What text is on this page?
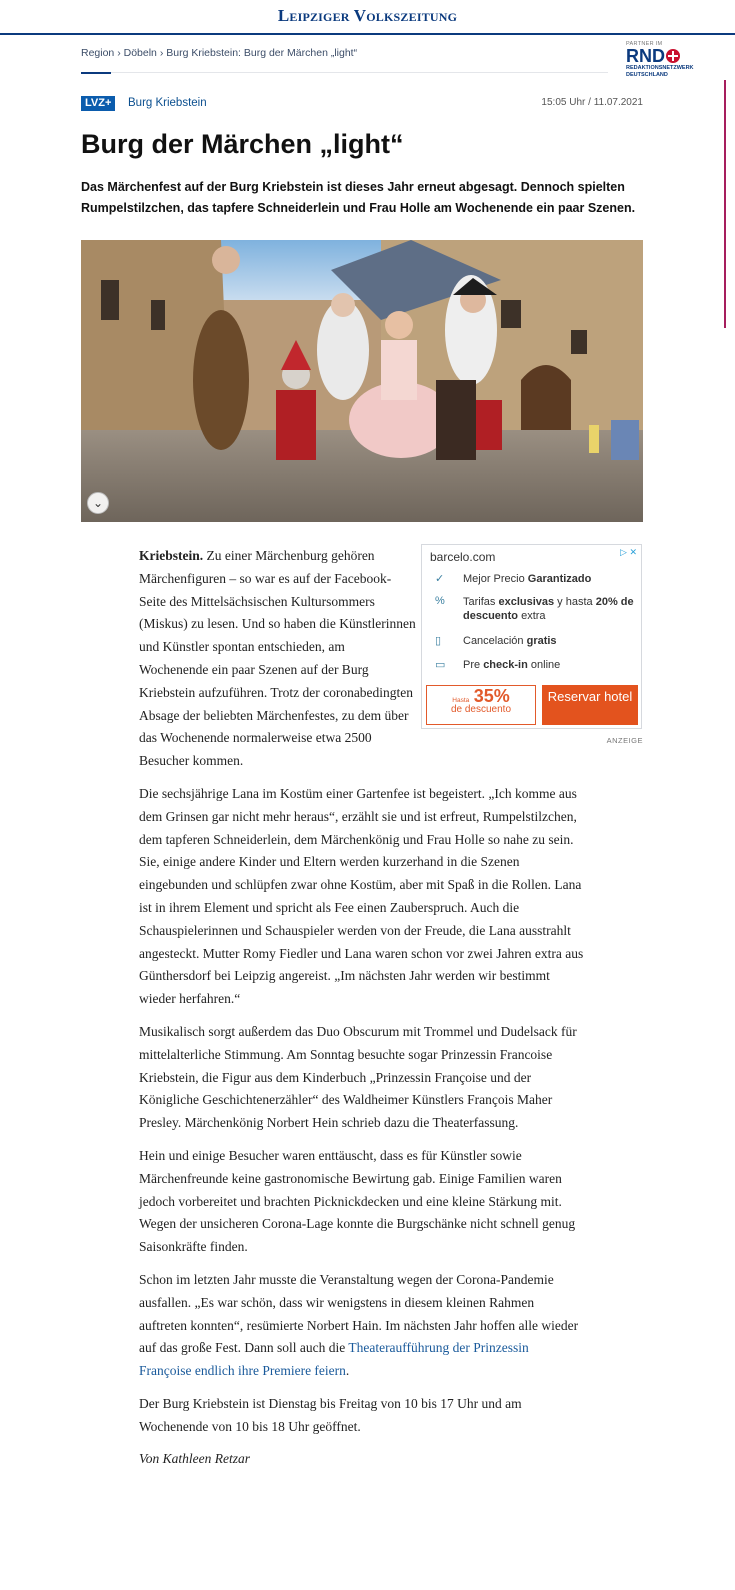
Leipziger Volkszeitung
Region › Döbeln › Burg Kriebstein: Burg der Märchen „light“
PARTNER IM
RND
REDAKTIONSNETZWERK
DEUTSCHLAND
LVZ+	Burg Kriebstein	15:05 Uhr / 11.07.2021
Burg der Märchen „light“
Das Märchenfest auf der Burg Kriebstein ist dieses Jahr erneut abgesagt. Dennoch spielten Rumpelstilzchen, das tapfere Schneiderlein und Frau Holle am Wochenende ein paar Szenen.
⌄
barcelo.com	▷ ✕
✓ Mejor Precio Garantizado
% Tarifas exclusivas y hasta 20% de descuento extra
▯ Cancelación gratis
▭ Pre check-in online
Hasta 35%
de descuento
Reservar hotel
ANZEIGE

Kriebstein. Zu einer Märchenburg gehören Märchenfiguren – so war es auf der Facebook-Seite des Mittelsächsischen Kultursommers (Miskus) zu lesen. Und so haben die Künstlerinnen und Künstler spontan entschieden, am Wochenende ein paar Szenen auf der Burg Kriebstein aufzuführen. Trotz der coronabedingten Absage der beliebten Märchenfestes, zu dem über das Wochenende normalerweise etwa 2500 Besucher kommen.

Die sechsjährige Lana im Kostüm einer Gartenfee ist begeistert. „Ich komme aus dem Grinsen gar nicht mehr heraus“, erzählt sie und ist erfreut, Rumpelstilzchen, dem tapferen Schneiderlein, dem Märchenkönig und Frau Holle so nahe zu sein. Sie, einige andere Kinder und Eltern werden kurzerhand in die Szenen eingebunden und schlüpfen zwar ohne Kostüm, aber mit Spaß in die Rollen. Lana ist in ihrem Element und spricht als Fee einen Zauberspruch. Auch die Schauspielerinnen und Schauspieler werden von der Freude, die Lana ausstrahlt angesteckt. Mutter Romy Fiedler und Lana waren schon vor zwei Jahren extra aus Günthersdorf bei Leipzig angereist. „Im nächsten Jahr werden wir bestimmt wieder herfahren.“

Musikalisch sorgt außerdem das Duo Obscurum mit Trommel und Dudelsack für mittelalterliche Stimmung. Am Sonntag besuchte sogar Prinzessin Francoise Kriebstein, die Figur aus dem Kinderbuch „Prinzessin Françoise und der Königliche Geschichtenerzähler“ des Waldheimer Künstlers François Maher Presley. Märchenkönig Norbert Hein schrieb dazu die Theaterfassung.

Hein und einige Besucher waren enttäuscht, dass es für Künstler sowie Märchenfreunde keine gastronomische Bewirtung gab. Einige Familien waren jedoch vorbereitet und brachten Picknickdecken und eine kleine Stärkung mit. Wegen der unsicheren Corona-Lage konnte die Burgschänke nicht schnell genug Saisonkräfte finden.

Schon im letzten Jahr musste die Veranstaltung wegen der Corona-Pandemie ausfallen. „Es war schön, dass wir wenigstens in diesem kleinen Rahmen auftreten konnten“, resümierte Norbert Hain. Im nächsten Jahr hoffen alle wieder auf das große Fest. Dann soll auch die Theateraufführung der Prinzessin Françoise endlich ihre Premiere feiern.

Der Burg Kriebstein ist Dienstag bis Freitag von 10 bis 17 Uhr und am Wochenende von 10 bis 18 Uhr geöffnet.

Von Kathleen Retzar
